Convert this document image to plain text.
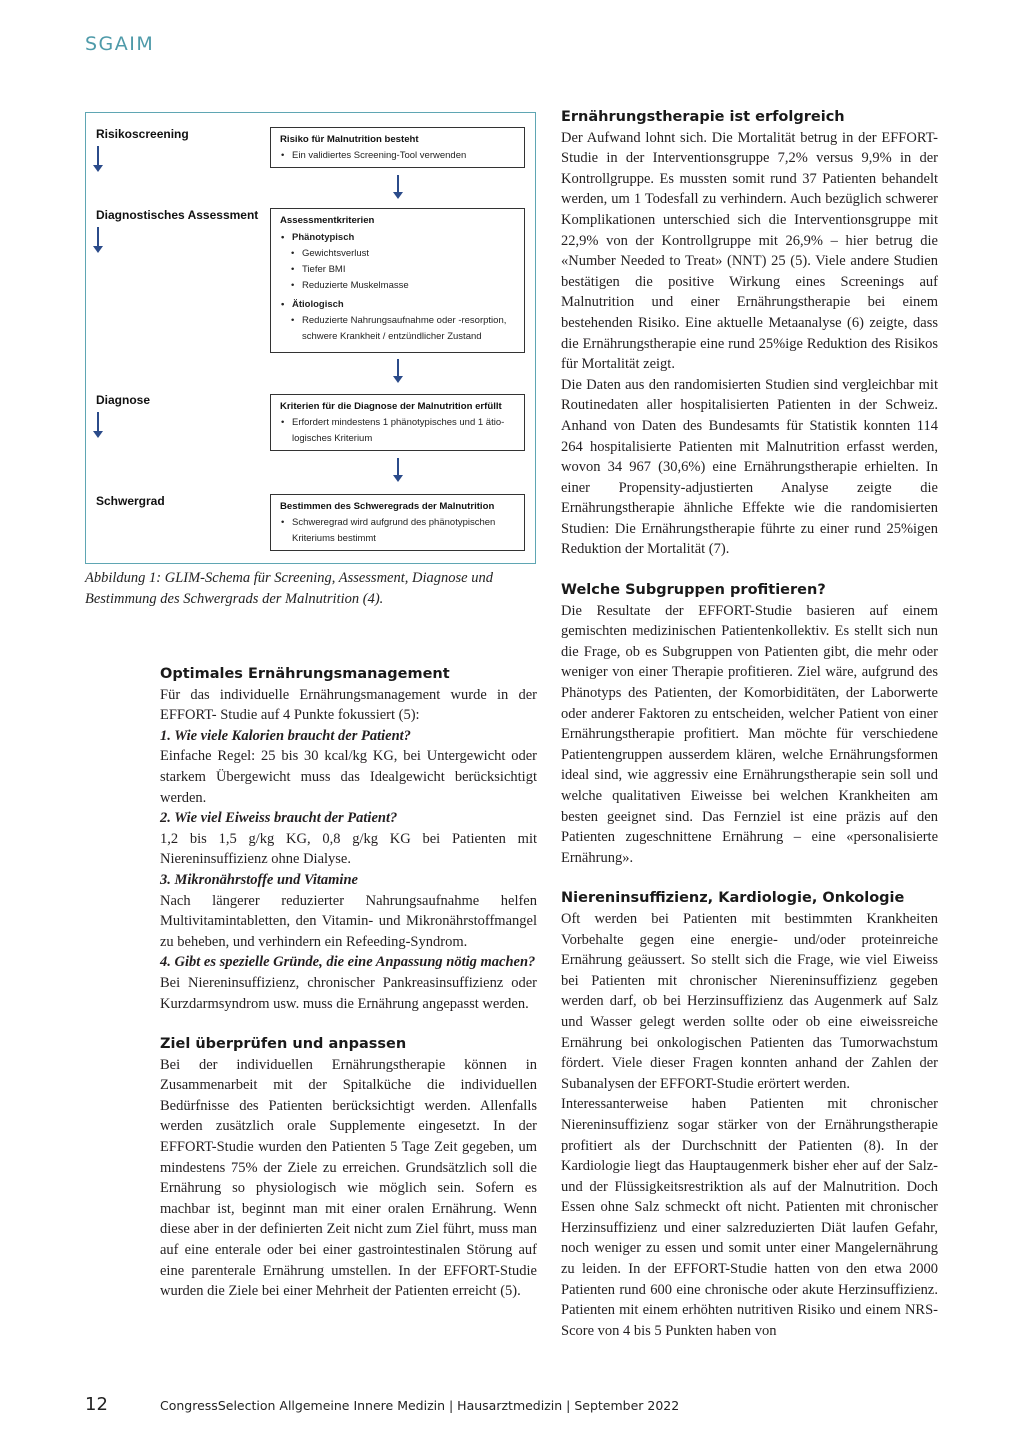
SGAIM
Risikoscreening
Diagnostisches Assessment
Diagnose
Schwergrad
Risiko für Malnutrition besteht
• Ein validiertes Screening-Tool verwenden
Assessmentkriterien
• Phänotypisch
• Gewichtsverlust
• Tiefer BMI
• Reduzierte Muskelmasse
• Ätiologisch
• Reduzierte Nahrungsaufnahme oder -resorption,
schwere Krankheit / entzündlicher Zustand
Kriterien für die Diagnose der Malnutrition erfüllt
• Erfordert mindestens 1 phänotypisches und 1 ätio-
logisches Kriterium
Bestimmen des Schweregrads der Malnutrition
• Schweregrad wird aufgrund des phänotypischen
Kriteriums bestimmt
Abbildung 1: GLIM-Schema für Screening, Assessment, Diagnose und Bestimmung des Schwergrads der Malnutrition (4).
Optimales Ernährungsmanagement
Für das individuelle Ernährungsmanagement wurde in der EFFORT- Studie auf 4 Punkte fokussiert (5):
1. Wie viele Kalorien braucht der Patient?
Einfache Regel: 25 bis 30 kcal/kg KG, bei Untergewicht oder starkem Übergewicht muss das Idealgewicht berücksichtigt werden.
2. Wie viel Eiweiss braucht der Patient?
1,2 bis 1,5 g/kg KG, 0,8 g/kg KG bei Patienten mit Niereninsuffizienz ohne Dialyse.
3. Mikronährstoffe und Vitamine
Nach längerer reduzierter Nahrungsaufnahme helfen Multivitamintabletten, den Vitamin- und Mikronährstoffmangel zu beheben, und verhindern ein Refeeding-Syndrom.
4. Gibt es spezielle Gründe, die eine Anpassung nötig machen?
Bei Niereninsuffizienz, chronischer Pankreasinsuffizienz oder Kurzdarmsyndrom usw. muss die Ernährung angepasst werden.
Ziel überprüfen und anpassen
Bei der individuellen Ernährungstherapie können in Zusammenarbeit mit der Spitalküche die individuellen Bedürfnisse des Patienten berücksichtigt werden. Allenfalls werden zusätzlich orale Supplemente eingesetzt. In der EFFORT-Studie wurden den Patienten 5 Tage Zeit gegeben, um mindestens 75% der Ziele zu erreichen. Grundsätzlich soll die Ernährung so physiologisch wie möglich sein. Sofern es machbar ist, beginnt man mit einer oralen Ernährung. Wenn diese aber in der definierten Zeit nicht zum Ziel führt, muss man auf eine enterale oder bei einer gastrointestinalen Störung auf eine parenterale Ernährung umstellen. In der EFFORT-Studie wurden die Ziele bei einer Mehrheit der Patienten erreicht (5).
Ernährungstherapie ist erfolgreich
Der Aufwand lohnt sich. Die Mortalität betrug in der EFFORT-Studie in der Interventionsgruppe 7,2% versus 9,9% in der Kontrollgruppe. Es mussten somit rund 37 Patienten behandelt werden, um 1 Todesfall zu verhindern. Auch bezüglich schwerer Komplikationen unterschied sich die Interventionsgruppe mit 22,9% von der Kontrollgruppe mit 26,9% – hier betrug die «Number Needed to Treat» (NNT) 25 (5). Viele andere Studien bestätigen die positive Wirkung eines Screenings auf Malnutrition und einer Ernährungstherapie bei einem bestehenden Risiko. Eine aktuelle Metaanalyse (6) zeigte, dass die Ernährungstherapie eine rund 25%ige Reduktion des Risikos für Mortalität zeigt.
Die Daten aus den randomisierten Studien sind vergleichbar mit Routinedaten aller hospitalisierten Patienten in der Schweiz. Anhand von Daten des Bundesamts für Statistik konnten 114 264 hospitalisierte Patienten mit Malnutrition erfasst werden, wovon 34 967 (30,6%) eine Ernährungstherapie erhielten. In einer Propensity-adjustierten Analyse zeigte die Ernährungstherapie ähnliche Effekte wie die randomisierten Studien: Die Ernährungstherapie führte zu einer rund 25%igen Reduktion der Mortalität (7).
Welche Subgruppen profitieren?
Die Resultate der EFFORT-Studie basieren auf einem gemischten medizinischen Patientenkollektiv. Es stellt sich nun die Frage, ob es Subgruppen von Patienten gibt, die mehr oder weniger von einer Therapie profitieren. Ziel wäre, aufgrund des Phänotyps des Patienten, der Komorbiditäten, der Laborwerte oder anderer Faktoren zu entscheiden, welcher Patient von einer Ernährungstherapie profitiert. Man möchte für verschiedene Patientengruppen ausserdem klären, welche Ernährungsformen ideal sind, wie aggressiv eine Ernährungstherapie sein soll und welche qualitativen Eiweisse bei welchen Krankheiten am besten geeignet sind. Das Fernziel ist eine präzis auf den Patienten zugeschnittene Ernährung – eine «personalisierte Ernährung».
Niereninsuffizienz, Kardiologie, Onkologie
Oft werden bei Patienten mit bestimmten Krankheiten Vorbehalte gegen eine energie- und/oder proteinreiche Ernährung geäussert. So stellt sich die Frage, wie viel Eiweiss bei Patienten mit chronischer Niereninsuffizienz gegeben werden darf, ob bei Herzinsuffizienz das Augenmerk auf Salz und Wasser gelegt werden sollte oder ob eine eiweissreiche Ernährung bei onkologischen Patienten das Tumorwachstum fördert. Viele dieser Fragen konnten anhand der Zahlen der Subanalysen der EFFORT-Studie erörtert werden.
Interessanterweise haben Patienten mit chronischer Niereninsuffizienz sogar stärker von der Ernährungstherapie profitiert als der Durchschnitt der Patienten (8). In der Kardiologie liegt das Hauptaugenmerk bisher eher auf der Salz- und der Flüssigkeitsrestriktion als auf der Malnutrition. Doch Essen ohne Salz schmeckt oft nicht. Patienten mit chronischer Herzinsuffizienz und einer salzreduzierten Diät laufen Gefahr, noch weniger zu essen und somit unter einer Mangelernährung zu leiden. In der EFFORT-Studie hatten von den etwa 2000 Patienten rund 600 eine chronische oder akute Herzinsuffizienz. Patienten mit einem erhöhten nutritiven Risiko und einem NRS-Score von 4 bis 5 Punkten haben von
12	CongressSelection Allgemeine Innere Medizin | Hausarztmedizin | September 2022
